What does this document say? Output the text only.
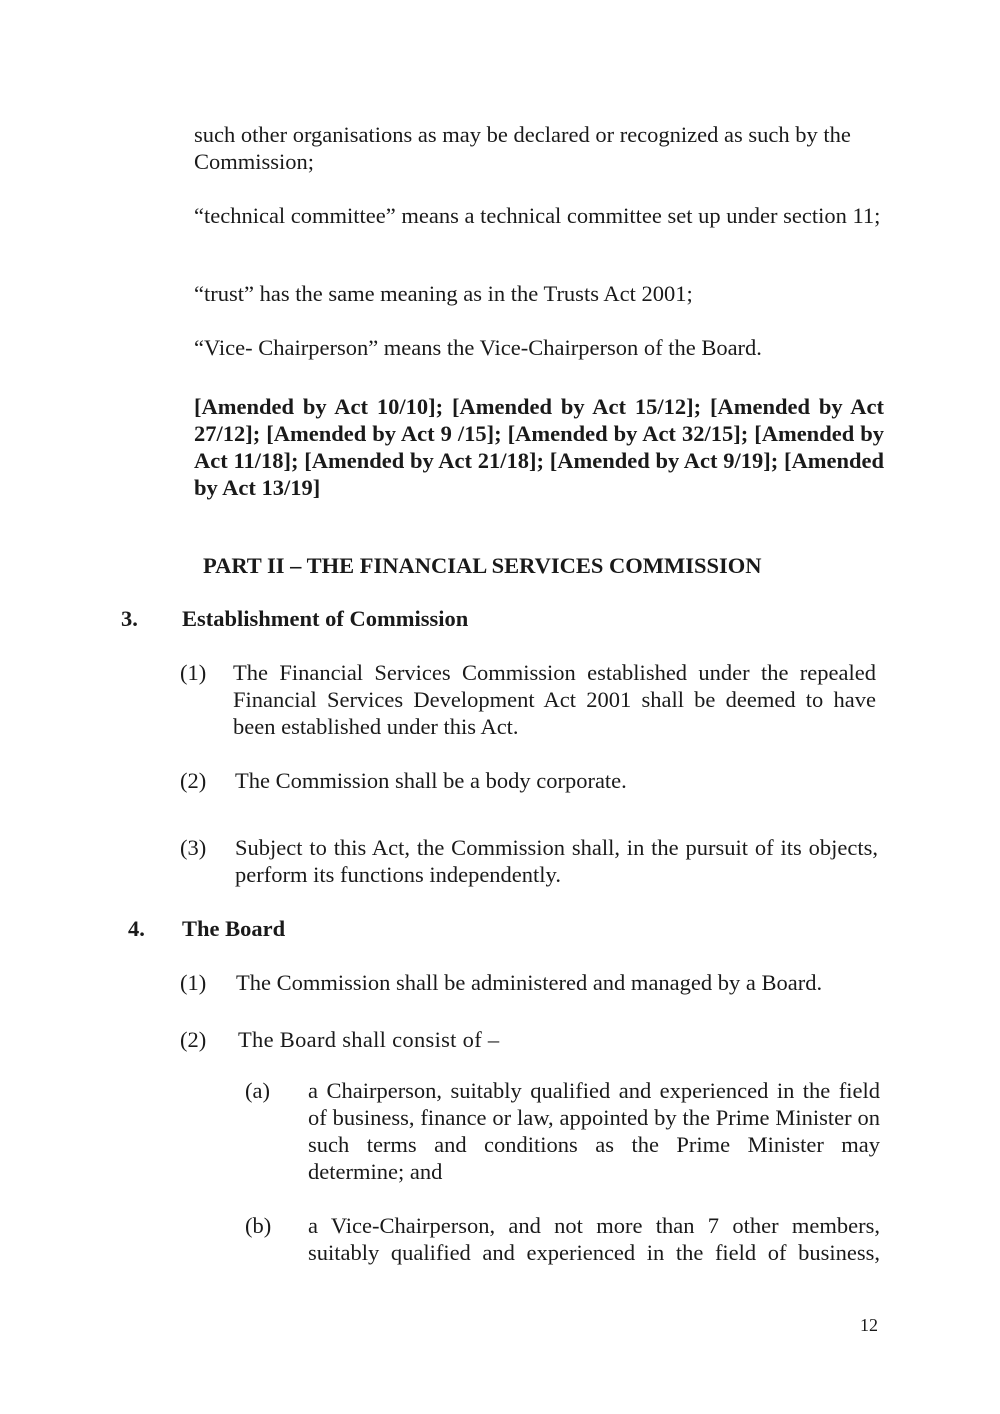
such other organisations as may be declared or recognized as such by the Commission;

“technical committee” means a technical committee set up under section 11;

“trust” has the same meaning as in the Trusts Act 2001;

“Vice- Chairperson” means the Vice-Chairperson of the Board.

[Amended by Act 10/10]; [Amended by Act 15/12]; [Amended by Act 27/12]; [Amended by Act 9 /15]; [Amended by Act 32/15]; [Amended by Act 11/18]; [Amended by Act 21/18]; [Amended by Act 9/19]; [Amended by Act 13/19]

PART II – THE FINANCIAL SERVICES COMMISSION
3. Establishment of Commission
(1)	The Financial Services Commission established under the repealed Financial Services Development Act 2001 shall be deemed to have been established under this Act.

(2)	The Commission shall be a body corporate.

(3)	Subject to this Act, the Commission shall, in the pursuit of its objects, perform its functions independently.

4. The Board
(1)	The Commission shall be administered and managed by a Board.

(2)	The Board shall consist of –

(a)	a Chairperson, suitably qualified and experienced in the field of business, finance or law, appointed by the Prime Minister on such terms and conditions as the Prime Minister may determine; and

(b)	a Vice-Chairperson, and not more than 7 other members, suitably qualified and experienced in the field of business,

12
